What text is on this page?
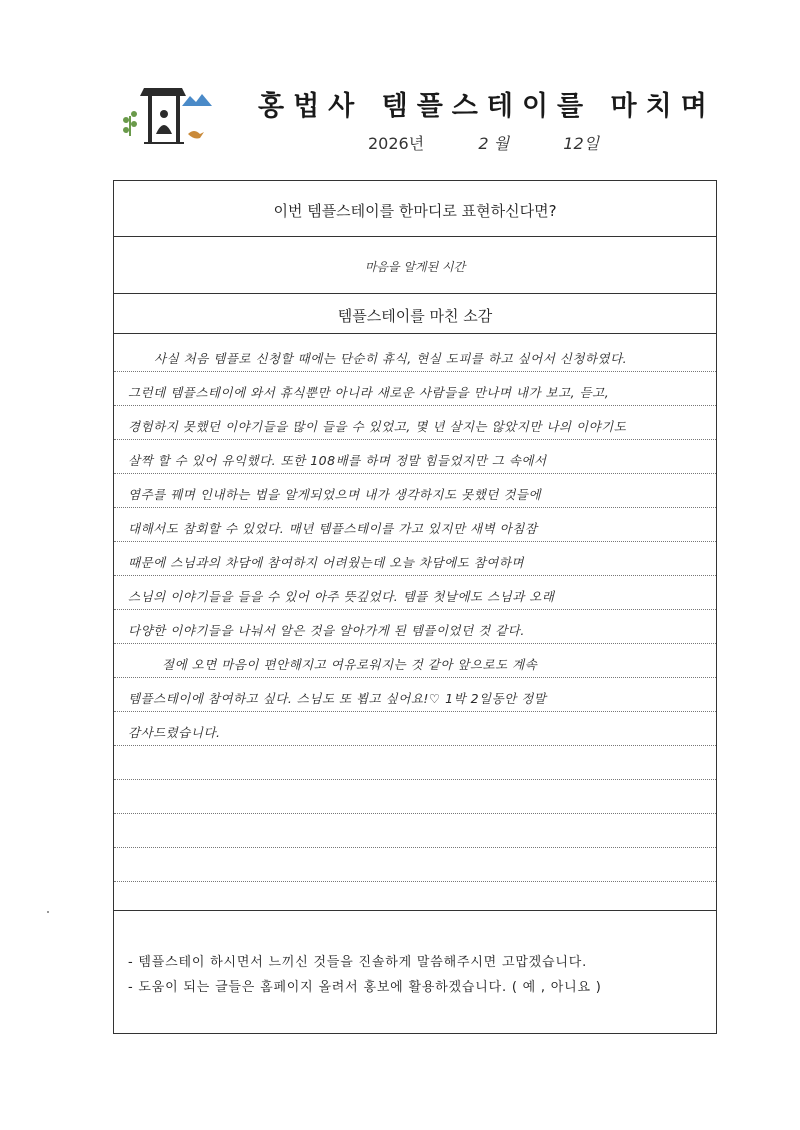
홍법사 템플스테이를 마치며
2026년	2 월	12일
이번 템플스테이를 한마디로 표현하신다면?
마음을 알게된 시간
템플스테이를 마친 소감
사실 처음 템플로 신청할 때에는 단순히 휴식, 현실 도피를 하고 싶어서 신청하였다.
그런데 템플스테이에 와서 휴식뿐만 아니라 새로운 사람들을 만나며 내가 보고, 듣고,
경험하지 못했던 이야기들을 많이 들을 수 있었고, 몇 년 살지는 않았지만 나의 이야기도
살짝 할 수 있어 유익했다. 또한 108배를 하며 정말 힘들었지만 그 속에서
염주를 꿰며 인내하는 법을 알게되었으며 내가 생각하지도 못했던 것들에
대해서도 참회할 수 있었다. 매년 템플스테이를 가고 있지만 새벽 아침잠
때문에 스님과의 차담에 참여하지 어려웠는데 오늘 차담에도 참여하며
스님의 이야기들을 들을 수 있어 아주 뜻깊었다. 템플 첫날에도 스님과 오래
다양한 이야기들을 나눠서 알은 것을 알아가게 된 템플이었던 것 같다.
절에 오면 마음이 편안해지고 여유로워지는 것 같아 앞으로도 계속
템플스테이에 참여하고 싶다. 스님도 또 뵙고 싶어요!♡ 1박 2일동안 정말
감사드렸습니다.
- 템플스테이 하시면서 느끼신 것들을 진솔하게 말씀해주시면 고맙겠습니다.
- 도움이 되는 글들은 홈페이지 올려서 홍보에 활용하겠습니다. ( 예 , 아니요 )
